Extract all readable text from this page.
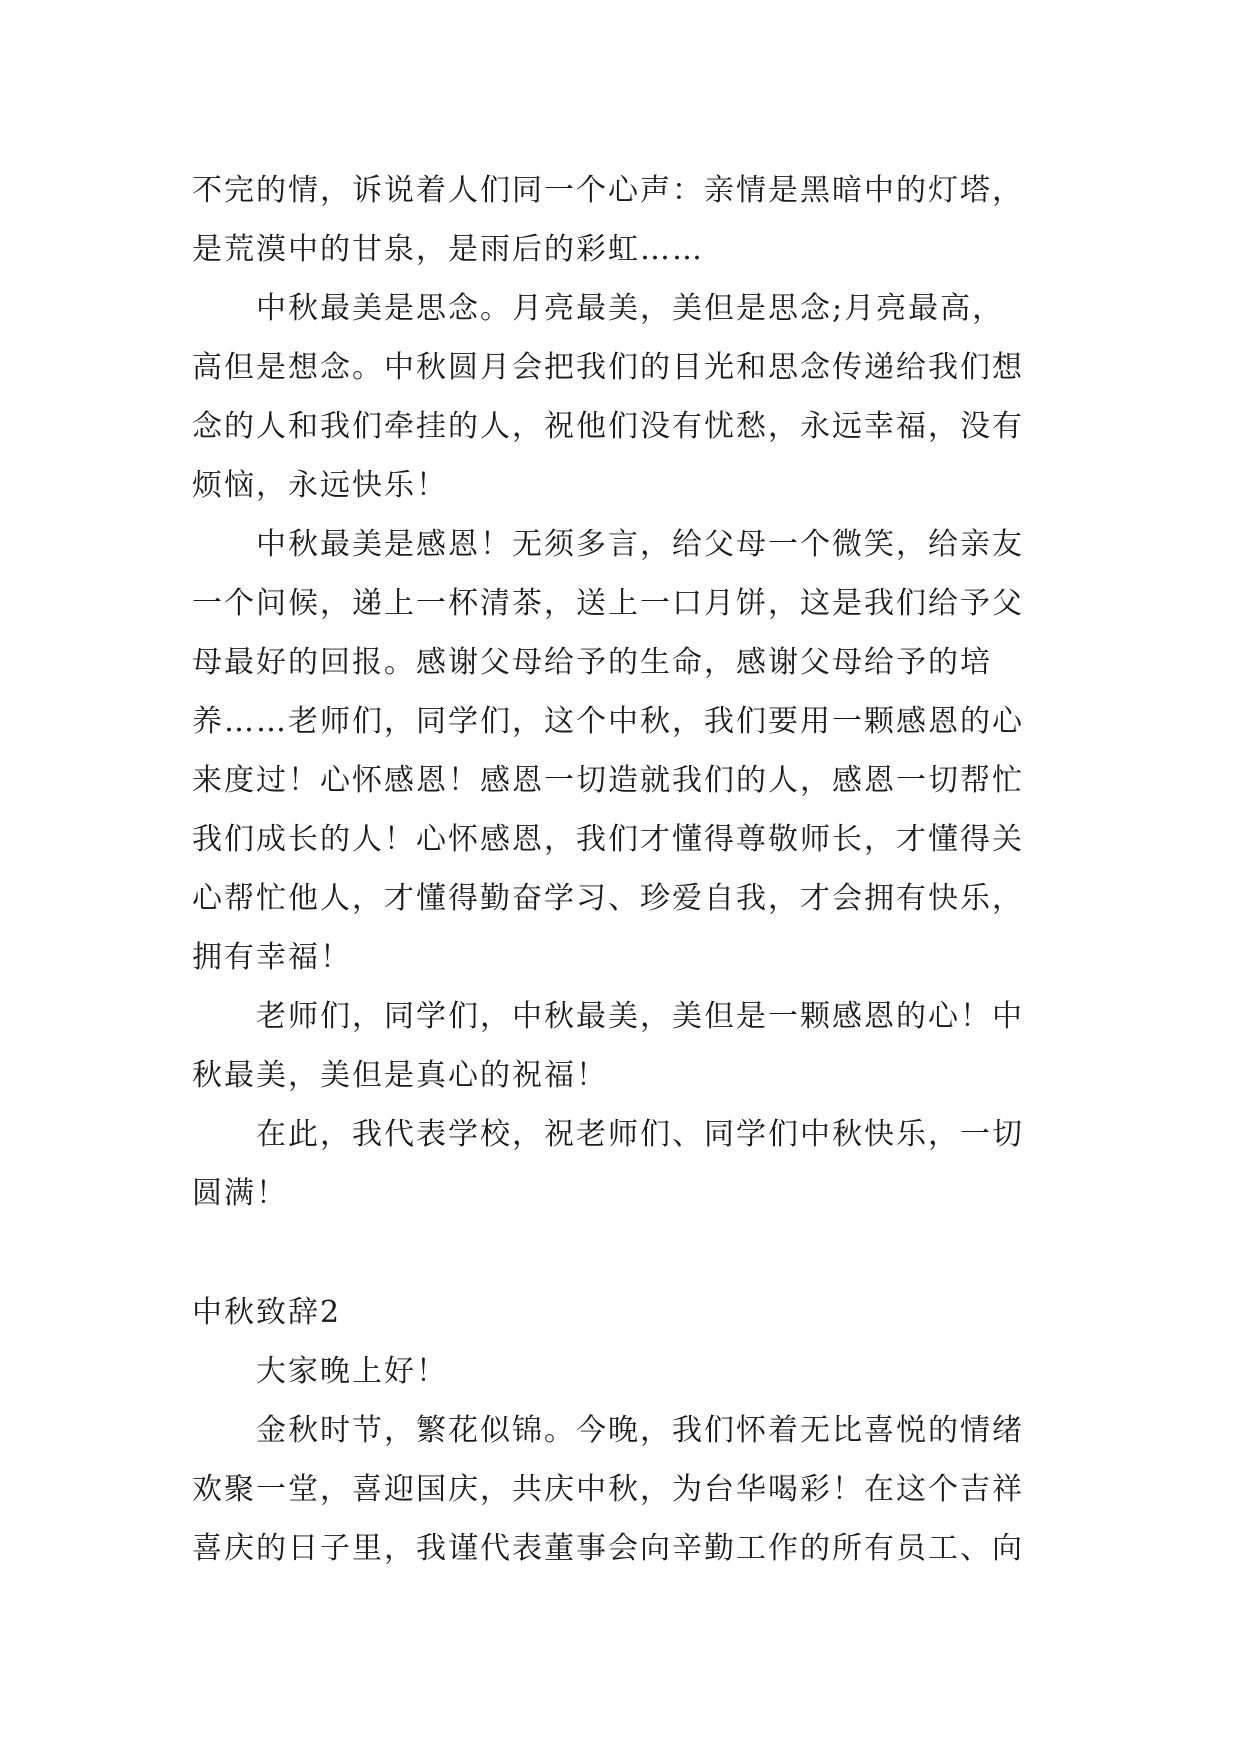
不完的情，诉说着人们同一个心声：亲情是黑暗中的灯塔，
是荒漠中的甘泉，是雨后的彩虹……
中秋最美是思念。月亮最美，美但是思念;月亮最高，
高但是想念。中秋圆月会把我们的目光和思念传递给我们想
念的人和我们牵挂的人，祝他们没有忧愁，永远幸福，没有
烦恼，永远快乐！
中秋最美是感恩！无须多言，给父母一个微笑，给亲友
一个问候，递上一杯清茶，送上一口月饼，这是我们给予父
母最好的回报。感谢父母给予的生命，感谢父母给予的培
养……老师们，同学们，这个中秋，我们要用一颗感恩的心
来度过！心怀感恩！感恩一切造就我们的人，感恩一切帮忙
我们成长的人！心怀感恩，我们才懂得尊敬师长，才懂得关
心帮忙他人，才懂得勤奋学习、珍爱自我，才会拥有快乐，
拥有幸福！
老师们，同学们，中秋最美，美但是一颗感恩的心！中
秋最美，美但是真心的祝福！
在此，我代表学校，祝老师们、同学们中秋快乐，一切
圆满！
中秋致辞2
大家晚上好！
金秋时节，繁花似锦。今晚，我们怀着无比喜悦的情绪
欢聚一堂，喜迎国庆，共庆中秋，为台华喝彩！在这个吉祥
喜庆的日子里，我谨代表董事会向辛勤工作的所有员工、向
